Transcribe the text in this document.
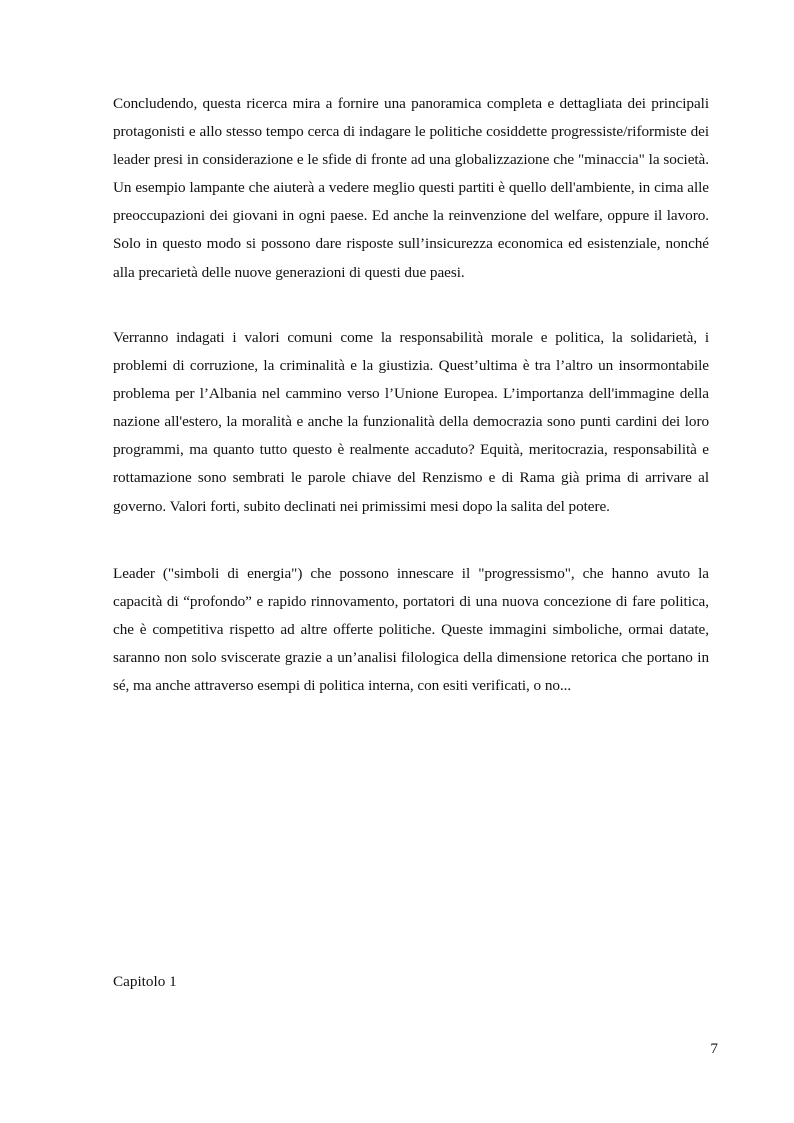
Concludendo, questa ricerca mira a fornire una panoramica completa e dettagliata dei principali protagonisti e allo stesso tempo cerca di indagare le politiche cosiddette progressiste/riformiste dei leader presi in considerazione e le sfide di fronte ad una globalizzazione che "minaccia" la società. Un esempio lampante che aiuterà a vedere meglio questi partiti è quello dell'ambiente, in cima alle preoccupazioni dei giovani in ogni paese. Ed anche la reinvenzione del welfare, oppure il lavoro. Solo in questo modo si possono dare risposte sull’insicurezza economica ed esistenziale, nonché alla precarietà delle nuove generazioni di questi due paesi.

Verranno indagati i valori comuni come la responsabilità morale e politica, la solidarietà, i problemi di corruzione, la criminalità e la giustizia. Quest’ultima è tra l’altro un insormontabile problema per l’Albania nel cammino verso l’Unione Europea. L’importanza dell'immagine della nazione all'estero, la moralità e anche la funzionalità della democrazia sono punti cardini dei loro programmi, ma quanto tutto questo è realmente accaduto? Equità, meritocrazia, responsabilità e rottamazione sono sembrati le parole chiave del Renzismo e di Rama già prima di arrivare al governo. Valori forti, subito declinati nei primissimi mesi dopo la salita del potere.

Leader ("simboli di energia") che possono innescare il "progressismo", che hanno avuto la capacità di “profondo” e rapido rinnovamento, portatori di una nuova concezione di fare politica, che è competitiva rispetto ad altre offerte politiche. Queste immagini simboliche, ormai datate, saranno non solo sviscerate grazie a un’analisi filologica della dimensione retorica che portano in sé, ma anche attraverso esempi di politica interna, con esiti verificati, o no...

Capitolo 1

7
